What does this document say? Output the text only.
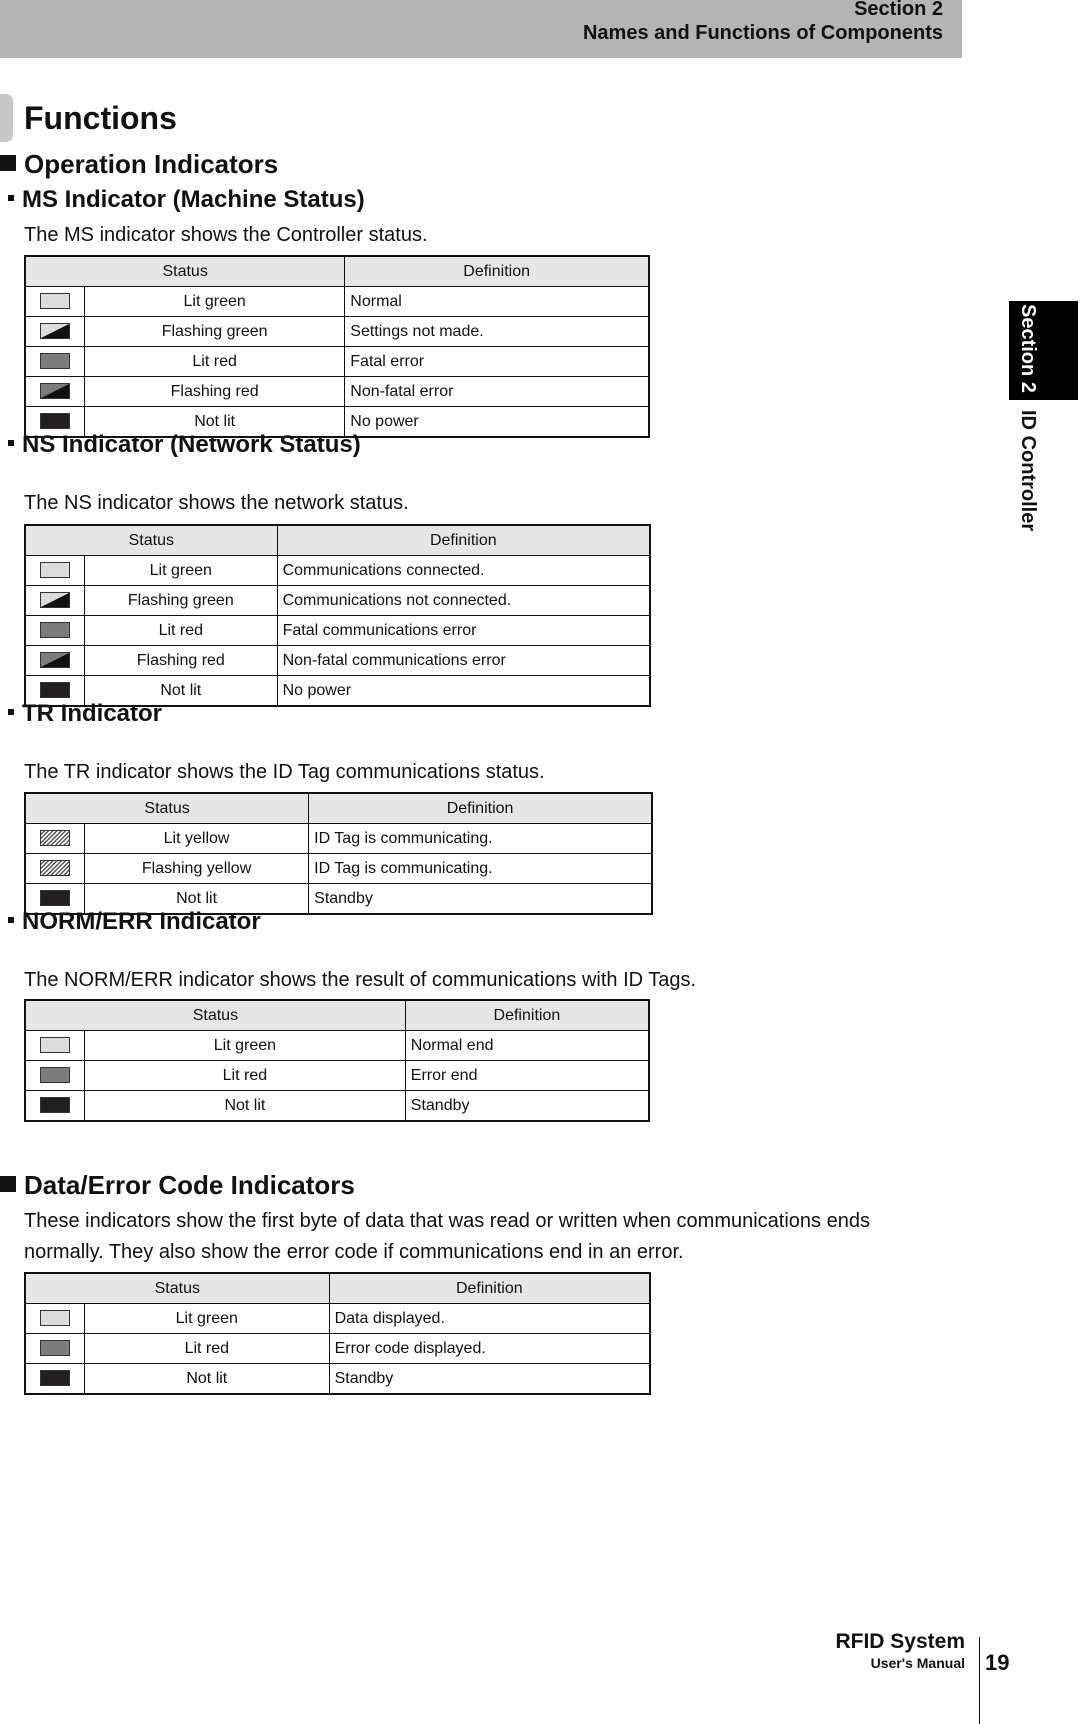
Section 2
Names and Functions of Components
Section 2
ID Controller
Functions
Operation Indicators
MS Indicator (Machine Status)
The MS indicator shows the Controller status.
Status		Definition
	Lit green	Normal
	Flashing green	Settings not made.
	Lit red	Fatal error
	Flashing red	Non-fatal error
	Not lit	No power
NS Indicator (Network Status)
The NS indicator shows the network status.
Status		Definition
	Lit green	Communications connected.
	Flashing green	Communications not connected.
	Lit red	Fatal communications error
	Flashing red	Non-fatal communications error
	Not lit	No power
TR Indicator
The TR indicator shows the ID Tag communications status.
Status		Definition
	Lit yellow	ID Tag is communicating.
	Flashing yellow	ID Tag is communicating.
	Not lit	Standby
NORM/ERR Indicator
The NORM/ERR indicator shows the result of communications with ID Tags.
Status		Definition
	Lit green	Normal end
	Lit red	Error end
	Not lit	Standby
Data/Error Code Indicators
These indicators show the first byte of data that was read or written when communications ends
normally. They also show the error code if communications end in an error.
Status		Definition
	Lit green	Data displayed.
	Lit red	Error code displayed.
	Not lit	Standby
RFID System
User's Manual 19
